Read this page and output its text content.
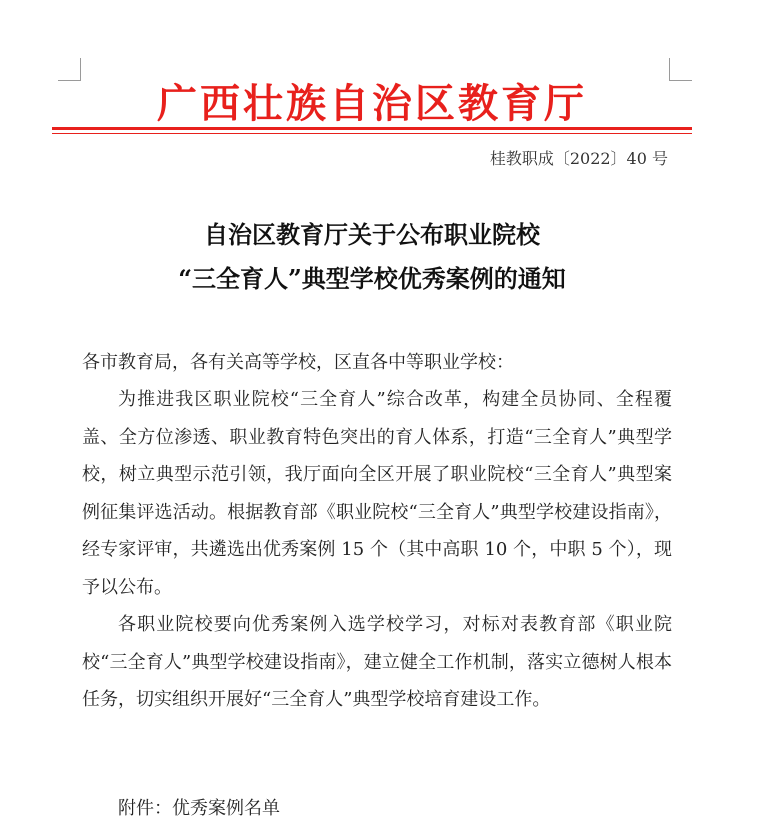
广西壮族自治区教育厅
桂教职成〔2022〕40 号
自治区教育厅关于公布职业院校
“三全育人”典型学校优秀案例的通知
各市教育局，各有关高等学校，区直各中等职业学校：
为推进我区职业院校“三全育人”综合改革，构建全员协同、全程覆盖、全方位渗透、职业教育特色突出的育人体系，打造“三全育人”典型学校，树立典型示范引领，我厅面向全区开展了职业院校“三全育人”典型案例征集评选活动。根据教育部《职业院校“三全育人”典型学校建设指南》，经专家评审，共遴选出优秀案例 15 个（其中高职 10 个，中职 5 个），现予以公布。
各职业院校要向优秀案例入选学校学习，对标对表教育部《职业院校“三全育人”典型学校建设指南》，建立健全工作机制，落实立德树人根本任务，切实组织开展好“三全育人”典型学校培育建设工作。
附件：优秀案例名单
